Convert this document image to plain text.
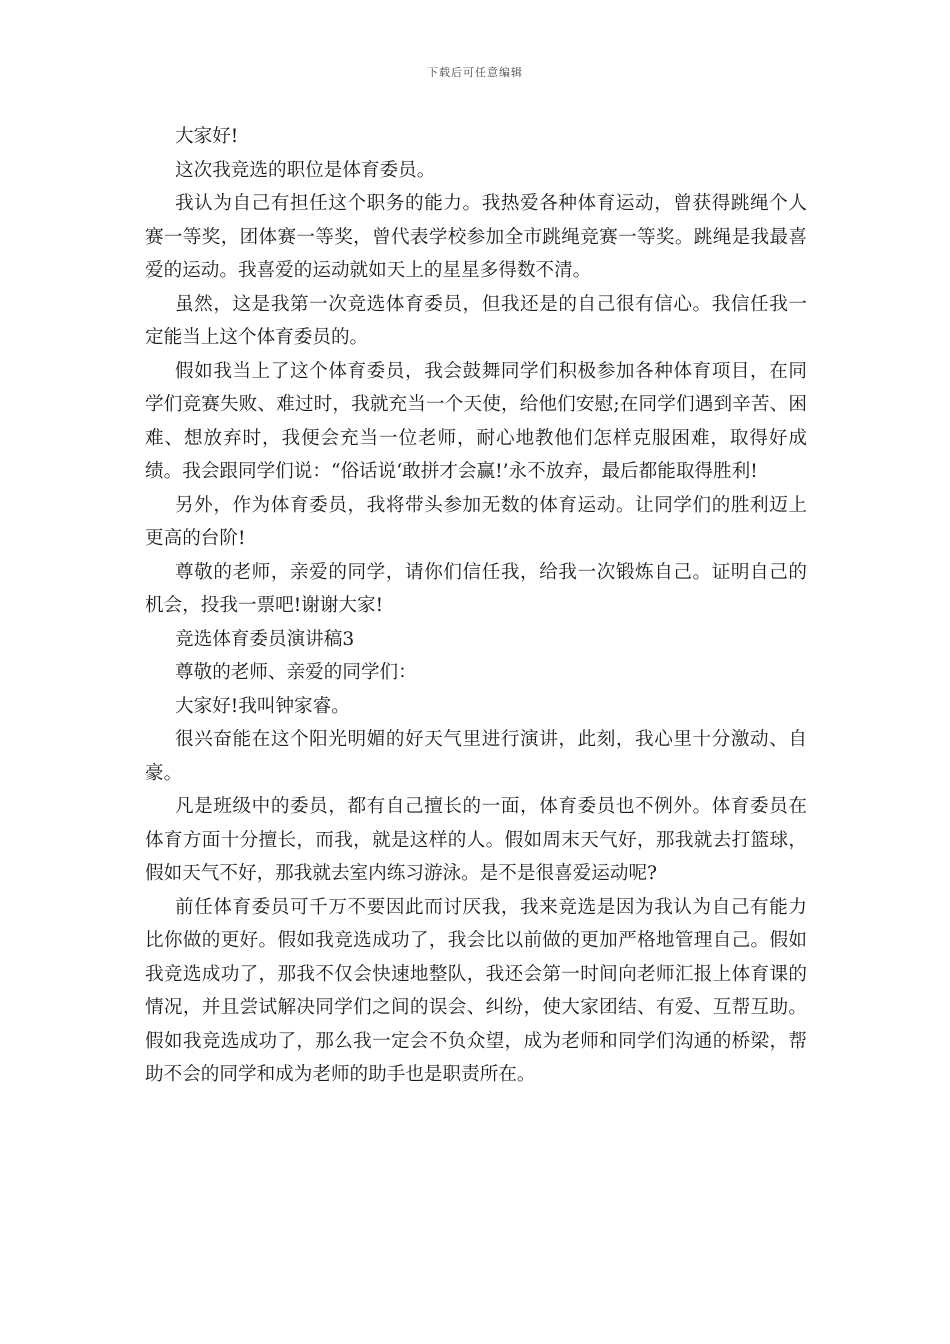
下载后可任意编辑

大家好!

这次我竞选的职位是体育委员。

我认为自己有担任这个职务的能力。我热爱各种体育运动，曾获得跳绳个人赛一等奖，团体赛一等奖，曾代表学校参加全市跳绳竞赛一等奖。跳绳是我最喜爱的运动。我喜爱的运动就如天上的星星多得数不清。

虽然，这是我第一次竞选体育委员，但我还是的自己很有信心。我信任我一定能当上这个体育委员的。

假如我当上了这个体育委员，我会鼓舞同学们积极参加各种体育项目，在同学们竞赛失败、难过时，我就充当一个天使，给他们安慰;在同学们遇到辛苦、困难、想放弃时，我便会充当一位老师，耐心地教他们怎样克服困难，取得好成绩。我会跟同学们说：“俗话说‘敢拼才会赢!’永不放弃，最后都能取得胜利!

另外，作为体育委员，我将带头参加无数的体育运动。让同学们的胜利迈上更高的台阶!

尊敬的老师，亲爱的同学，请你们信任我，给我一次锻炼自己。证明自己的机会，投我一票吧!谢谢大家!

竞选体育委员演讲稿3

尊敬的老师、亲爱的同学们：

大家好!我叫钟家睿。

很兴奋能在这个阳光明媚的好天气里进行演讲，此刻，我心里十分激动、自豪。

凡是班级中的委员，都有自己擅长的一面，体育委员也不例外。体育委员在体育方面十分擅长，而我，就是这样的人。假如周末天气好，那我就去打篮球，假如天气不好，那我就去室内练习游泳。是不是很喜爱运动呢?

前任体育委员可千万不要因此而讨厌我，我来竞选是因为我认为自己有能力比你做的更好。假如我竞选成功了，我会比以前做的更加严格地管理自己。假如我竞选成功了，那我不仅会快速地整队，我还会第一时间向老师汇报上体育课的情况，并且尝试解决同学们之间的误会、纠纷，使大家团结、有爱、互帮互助。假如我竞选成功了，那么我一定会不负众望，成为老师和同学们沟通的桥梁，帮助不会的同学和成为老师的助手也是职责所在。
